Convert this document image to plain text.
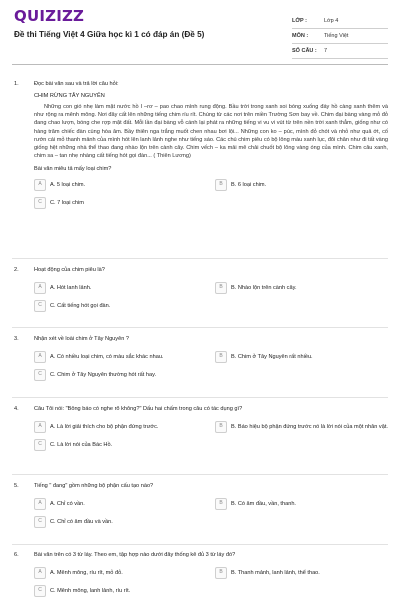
QUIZIZZ
Đề thi Tiếng Việt 4 Giữa học kì 1 có đáp án (Đề 5)
LỚP :	Lớp 4
MÔN :	Tiếng Việt
SỐ CÂU :	7
1.	Đọc bài văn sau và trả lời câu hỏi:
CHIM RỪNG TÂY NGUYÊN
Những con gió nhẹ làm mặt nước hồ I –rơ – pao chao mình rung động. Bầu trời trong xanh soi bóng xuống đáy hồ càng xanh thêm và như rộng ra mênh mông. Nơi đây cất lên những tiếng chim ríu rít. Chúng từ các nơi trên miền Trường Sơn bay về. Chim đại bàng vàng mỏ đỏ đang chao lượn, bóng che rợp mặt đất. Mỗi lần đại bàng vỗ cánh lại phát ra những tiếng vi vu vi vút từ trên nền trời xanh thẳm, giống như có hàng trăm chiếc đàn cùng hòa âm. Bầy thiên nga trắng muốt chen nhau bơi lội... Những con ko – púc, mình đỏ chót và nhỏ như quả ớt, cố rướn cái mỏ thanh mảnh của mình hót lên lanh lảnh nghe như tiếng sáo. Các chú chim piêu có bộ lông màu xanh lục, đôi chân như đi tất vàng giống hệt những nhà thể thao đang nhào lộn trên cành cây. Chim vếch – ka mải mê chải chuốt bộ lông vàng óng của mình. Chim câu xanh, chim sa – tan nhẹ nhàng cất tiếng hót gọi đàn... ( Thiên Lương)
Bài văn miêu tả mấy loại chim?
A	A. 5 loại chim.	B	B. 6 loại chim.
C	C. 7 loại chim
2.	Hoạt động của chim piêu là?
A	A. Hót lanh lảnh.	B	B. Nhào lộn trên cành cây.
C	C. Cất tiếng hót gọi đàn.
3.	Nhận xét về loài chim ở Tây Nguyên ?
A	A. Có nhiều loại chim, có màu sắc khác nhau.	B	B. Chim ở Tây Nguyên rất nhiều.
C	C. Chim ở Tây Nguyên thường hót rất hay.
4.	Câu Tôi nói: "Bông báo có nghe rõ không?" Dấu hai chấm trong câu có tác dụng gì?
A	A. Là lời giải thích cho bộ phận đứng trước.	B	B. Báo hiệu bộ phận đứng trước nó là lời nói của một nhân vật.
C	C. Là lời nói của Bác Hồ.
5.	Tiếng " đang" gồm những bộ phận cấu tạo nào?
A	A. Chỉ có vần.	B	B. Có âm đầu, vần, thanh.
C	C. Chỉ có âm đầu và vần.
6.	Bài văn trên có 3 từ láy. Theo em, tập hợp nào dưới đây thống kê đủ 3 từ láy đó?
A	A. Mênh mông, ríu rít, mỏ đỏ.	B	B. Thanh mảnh, lanh lảnh, thể thao.
C	C. Mênh mông, lanh lảnh, ríu rít.
